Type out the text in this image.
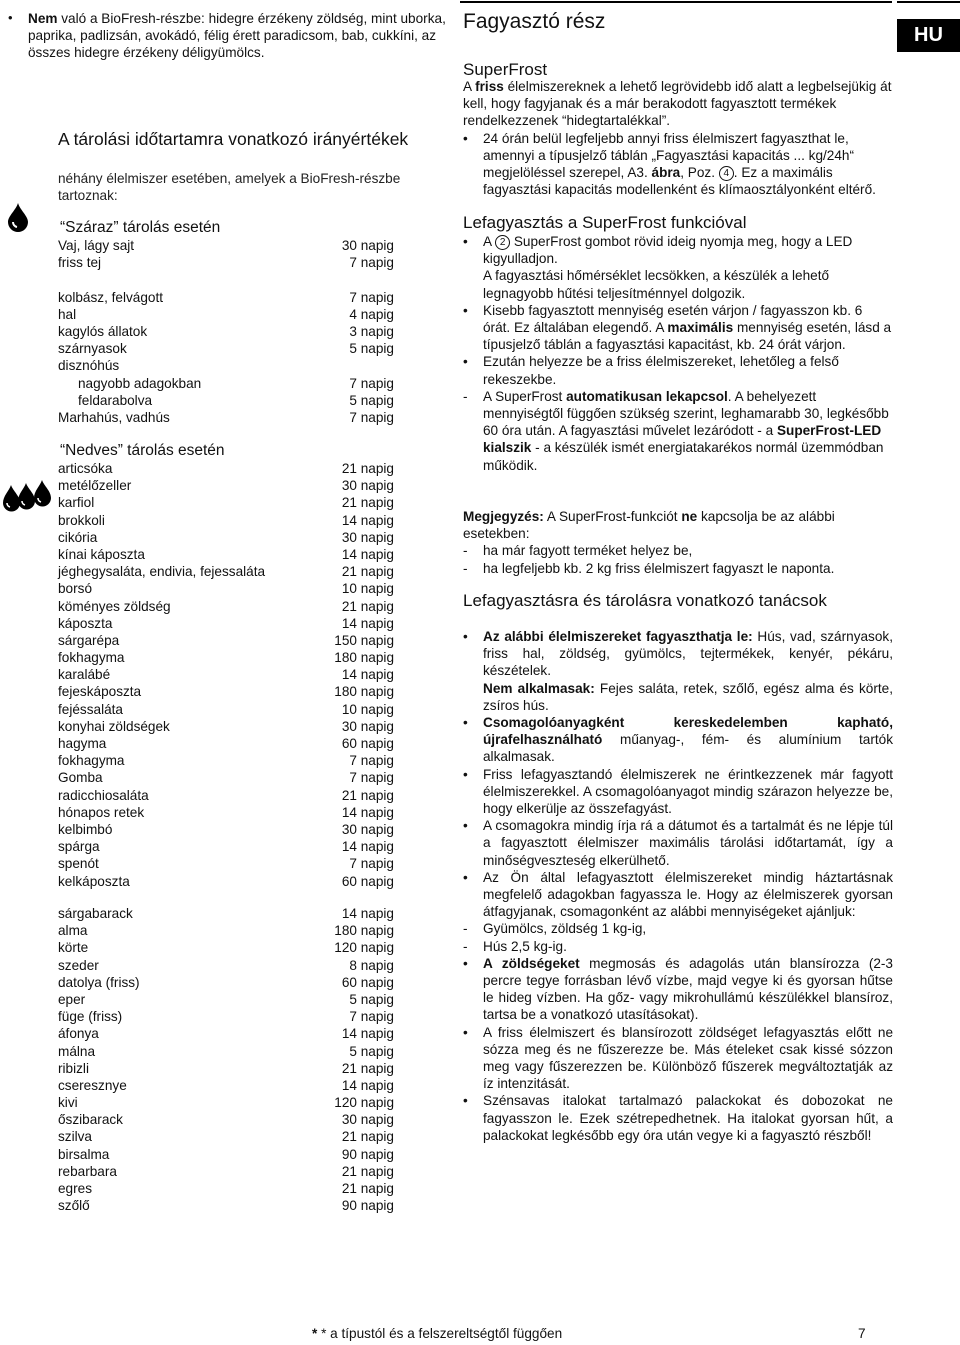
• Nem való a BioFresh-részbe: hidegre érzékeny zöldség, mint uborka, paprika, padlizsán, avokádó, félig érett paradicsom, bab, cukkíni, az összes hidegre érzékeny déligyümölcs.

A tárolási időtartamra vonatkozó irányértékek
néhány élelmiszer esetében, amelyek a BioFresh-részbe tartoznak:
“Száraz” tárolás esetén
Vaj, lágy sajt	30 napig
friss tej	7 napig
kolbász, felvágott	7 napig
hal	4 napig
kagylós állatok	3 napig
szárnyasok	5 napig
disznóhús
nagyobb adagokban	7 napig
feldarabolva	5 napig
Marhahús, vadhús	7 napig
“Nedves” tárolás esetén
articsóka	21 napig
metélőzeller	30 napig
karfiol	21 napig
brokkoli	14 napig
cikória	30 napig
kínai káposzta	14 napig
jéghegysaláta, endivia, fejessaláta	21 napig
borsó	10 napig
köményes zöldség	21 napig
káposzta	14 napig
sárgarépa	150 napig
fokhagyma	180 napig
karalábé	14 napig
fejeskáposzta	180 napig
fejéssaláta	10 napig
konyhai zöldségek	30 napig
hagyma	60 napig
fokhagyma	7 napig
Gomba	7 napig
radicchiosaláta	21 napig
hónapos retek	14 napig
kelbimbó	30 napig
spárga	14 napig
spenót	7 napig
kelkáposzta	60 napig
sárgabarack	14 napig
alma	180 napig
körte	120 napig
szeder	8 napig
datolya (friss)	60 napig
eper	5 napig
füge (friss)	7 napig
áfonya	14 napig
málna	5 napig
ribizli	21 napig
cseresznye	14 napig
kivi	120 napig
őszibarack	30 napig
szilva	21 napig
birsalma	90 napig
rebarbara	21 napig
egres	21 napig
szőlő	90 napig
Fagyasztó rész
HU
SuperFrost

A friss élelmiszereknek a lehető legrövidebb idő alatt a legbelsejükig át kell, hogy fagyjanak és a már berakodott fagyasztott termékek rendelkezzenek “hidegtartalékkal”.

• 24 órán belül legfeljebb annyi friss élelmiszert fagyaszthat le, amennyi a típusjelző táblán „Fagyasztási kapacitás ... kg/24h“ megjelöléssel szerepel, A3. ábra, Poz. 4 . Ez a maximális fagyasztási kapacitás modellenként és klímaosztályonként eltérő.
Lefagyasztás a SuperFrost funkcióval
• A 2 SuperFrost gombot rövid ideig nyomja meg, hogy a LED kigyulladjon.

A fagyasztási hőmérséklet lecsökken, a készülék a lehető legnagyobb hűtési teljesítménnyel dolgozik.

• Kisebb fagyasztott mennyiség esetén várjon / fagyasszon kb. 6 órát. Ez általában elegendő. A maximális mennyiség esetén, lásd a típusjelző táblán a fagyasztási kapacitást, kb. 24 órát várjon.
• Ezután helyezze be a friss élelmiszereket, lehetőleg a felső rekeszekbe.
- A SuperFrost automatikusan lekapcsol. A behelyezett mennyiségtől függően szükség szerint, leghamarabb 30, legkésőbb 60 óra után. A fagyasztási művelet lezáródott - a SuperFrost-LED kialszik - a készülék ismét energiatakarékos normál üzemmódban működik.

Megjegyzés: A SuperFrost-funkciót ne kapcsolja be az alábbi esetekben:

- ha már fagyott terméket helyez be,
- ha legfeljebb kb. 2 kg friss élelmiszert fagyaszt le naponta.
Lefagyasztásra és tárolásra vonatkozó tanácsok
• Az alábbi élelmiszereket fagyaszthatja le: Hús, vad, szárnyasok, friss hal, zöldség, gyümölcs, tejtermékek, kenyér, pékáru, készételek.
Nem alkalmasak: Fejes saláta, retek, szőlő, egész alma és körte, zsíros hús.
• Csomagolóanyagként kereskedelemben kapható, újrafelhasználható műanyag-, fém- és alumínium tartók alkalmasak.
• Friss lefagyasztandó élelmiszerek ne érintkezzenek már fagyott élelmiszerekkel. A csomagolóanyagot mindig szárazon helyezze be, hogy elkerülje az összefagyást.
• A csomagokra mindig írja rá a dátumot és a tartalmát és ne lépje túl a fagyasztott élelmiszer maximális tárolási időtartamát, így a minőségveszteség elkerülhető.
• Az Ön által lefagyasztott élelmiszereket mindig háztartásnak megfelelő adagokban fagyassza le. Hogy az élelmiszerek gyorsan átfagyjanak, csomagonként az alábbi mennyiségeket ajánljuk:
- Gyümölcs, zöldség 1 kg-ig,
- Hús 2,5 kg-ig.
• A zöldségeket megmosás és adagolás után blansírozza (2-3 percre tegye forrásban lévő vízbe, majd vegye ki és gyorsan hűtse le hideg vízben. Ha gőz- vagy mikrohullámú készülékkel blansíroz, tartsa be a vonatkozó utasításokat).
• A friss élelmiszert és blansírozott zöldséget lefagyasztás előtt ne sózza meg és ne fűszerezze be. Más ételeket csak kissé sózzon meg vagy fűszerezzen be. Különböző fűszerek megváltoztatják az íz intenzitását.
• Szénsavas italokat tartalmazó palackokat és dobozokat ne fagyasszon le. Ezek szétrepedhetnek. Ha italokat gyorsan hűt, a palackokat legkésőbb egy óra után vegye ki a fagyasztó részből!
* * a típustól és a felszereltségtől függően	7
